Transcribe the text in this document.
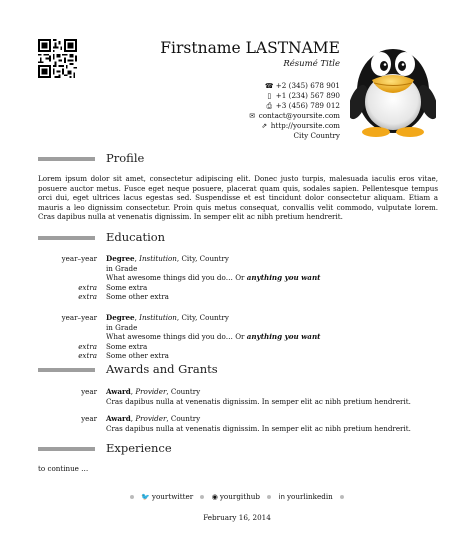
Firstname LASTNAME
Résumé Title
☎ +2 (345) 678 901
▯ +1 (234) 567 890
⎙ +3 (456) 789 012
✉ contact@yoursite.com
⇗ http://yoursite.com
City Country
Profile
Lorem ipsum dolor sit amet, consectetur adipiscing elit. Donec justo turpis, malesuada iaculis eros vitae, posuere auctor metus. Fusce eget neque posuere, placerat quam quis, sodales sapien. Pellentesque tempus orci dui, eget ultrices lacus egestas sed. Suspendisse et est tincidunt dolor consectetur aliquam. Etiam a mauris a leo dignissim consectetur. Proin quis metus consequat, convallis velit commodo, vulputate lorem. Cras dapibus nulla at venenatis dignissim. In semper elit ac nibh pretium hendrerit.
Education
year–year	Degree, Institution, City, Country
in Grade
What awesome things did you do… Or anything you want
extra	Some extra
extra	Some other extra
year–year	Degree, Institution, City, Country
in Grade
What awesome things did you do… Or anything you want
extra	Some extra
extra	Some other extra
Awards and Grants
year	Award, Provider, Country
Cras dapibus nulla at venenatis dignissim. In semper elit ac nibh pretium hendrerit.
year	Award, Provider, Country
Cras dapibus nulla at venenatis dignissim. In semper elit ac nibh pretium hendrerit.
Experience
to continue …
🐦 yourtwitter	◉ yourgithub	in yourlinkedin
February 16, 2014
